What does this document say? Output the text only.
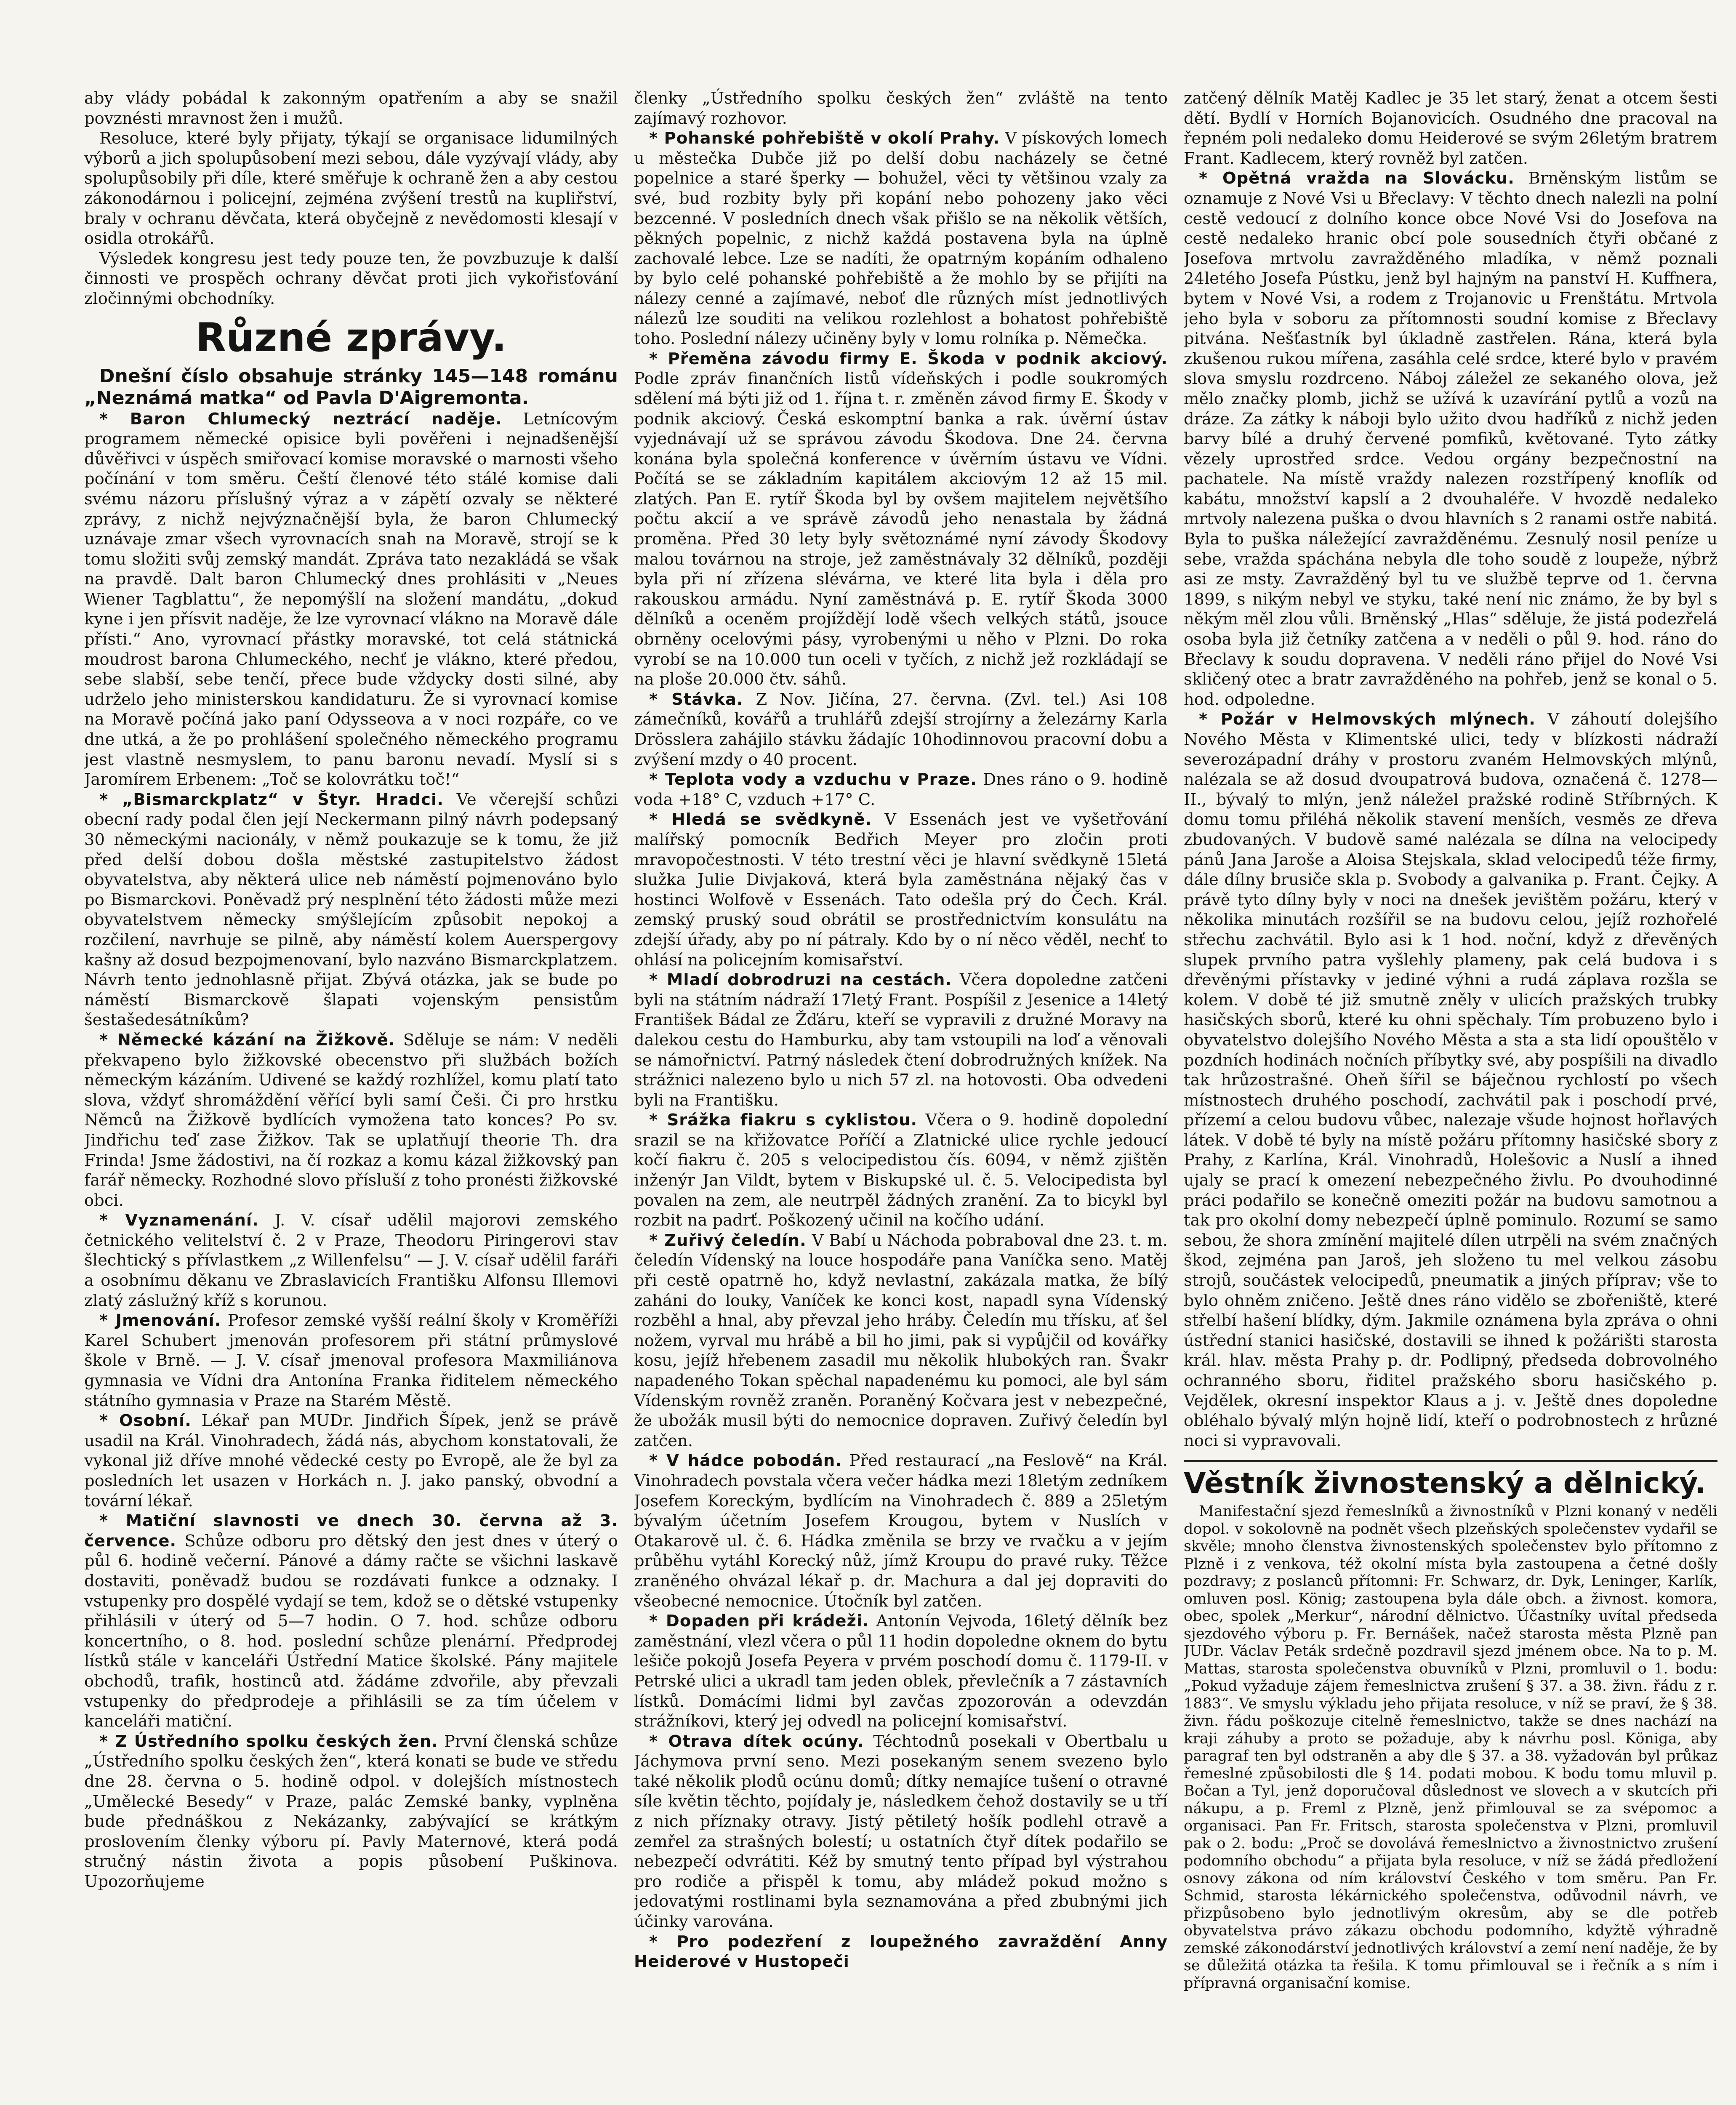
aby vlády pobádal k zakonným opatřením a aby se snažil povznésti mravnost žen i mužů.

Resoluce, které byly přijaty, týkají se organisace lidumilných výborů a jich spolupůsobení mezi sebou, dále vyzývají vlády, aby spolupůsobily při díle, které směřuje k ochraně žen a aby cestou zákonodárnou i policejní, zejména zvýšení trestů na kupliřství, braly v ochranu děvčata, která obyčejně z nevědomosti klesají v osidla otrokářů.

Výsledek kongresu jest tedy pouze ten, že povzbuzuje k další činnosti ve prospěch ochrany děvčat proti jich vykořisťování zločinnými obchodníky.

Různé zprávy.

Dnešní číslo obsahuje stránky 145—148 románu „Neznámá matka“ od Pavla D'Aigremonta.

* Baron Chlumecký neztrácí naděje. Letnícovým programem německé opisice byli pověřeni i nejnadšenější důvěřivci v úspěch smiřovací komise moravské o marnosti všeho počínání v tom směru. Čeští členové této stálé komise dali svému názoru příslušný výraz a v zápětí ozvaly se některé zprávy, z nichž nejvýznačnější byla, že baron Chlumecký uznávaje zmar všech vyrovnacích snah na Moravě, strojí se k tomu složiti svůj zemský mandát. Zpráva tato nezakládá se však na pravdě. Dalt baron Chlumecký dnes prohlásiti v „Neues Wiener Tagblattu“, že nepomýšlí na složení mandátu, „dokud kyne i jen přísvit naděje, že lze vyrovnací vlákno na Moravě dále přísti.“ Ano, vyrovnací přástky moravské, tot celá státnická moudrost barona Chlumeckého, nechť je vlákno, které předou, sebe slabší, sebe tenčí, přece bude vždycky dosti silné, aby udrželo jeho ministerskou kandidaturu. Že si vyrovnací komise na Moravě počíná jako paní Odysseova a v noci rozpáře, co ve dne utká, a že po prohlášení společného německého programu jest vlastně nesmyslem, to panu baronu nevadí. Myslí si s Jaromírem Erbenem: „Toč se kolovrátku toč!“

* „Bismarckplatz“ v Štyr. Hradci. Ve včerejší schůzi obecní rady podal člen její Neckermann pilný návrh podepsaný 30 německými nacionály, v němž poukazuje se k tomu, že již před delší dobou došla městské zastupitelstvo žádost obyvatelstva, aby některá ulice neb náměstí pojmenováno bylo po Bismarckovi. Poněvadž prý nesplnění této žádosti může mezi obyvatelstvem německy smýšlejícím způsobit nepokoj a rozčilení, navrhuje se pilně, aby náměstí kolem Auerspergovy kašny až dosud bezpojmenovaní, bylo nazváno Bismarckplatzem. Návrh tento jednohlasně přijat. Zbývá otázka, jak se bude po náměstí Bismarckově šlapati vojenským pensistům šestašedesátníkům?

* Německé kázání na Žižkově. Sděluje se nám: V neděli překvapeno bylo žižkovské obecenstvo při službách božích německým kázáním. Udivené se každý rozhlížel, komu platí tato slova, vždyť shromáždění věřící byli samí Češi. Či pro hrstku Němců na Žižkově bydlících vymožena tato konces? Po sv. Jindřichu teď zase Žižkov. Tak se uplatňují theorie Th. dra Frinda! Jsme žádostivi, na čí rozkaz a komu kázal žižkovský pan farář německy. Rozhodné slovo přísluší z toho pronésti žižkovské obci.

* Vyznamenání. J. V. císař udělil majorovi zemského četnického velitelství č. 2 v Praze, Theodoru Piringerovi stav šlechtický s přívlastkem „z Willenfelsu“ — J. V. císař udělil faráři a osobnímu děkanu ve Zbraslavicích Františku Alfonsu Illemovi zlatý záslužný kříž s korunou.

* Jmenování. Profesor zemské vyšší reální školy v Kroměříži Karel Schubert jmenován profesorem při státní průmyslové škole v Brně. — J. V. císař jmenoval profesora Maxmiliánova gymnasia ve Vídni dra Antonína Franka řiditelem německého státního gymnasia v Praze na Starém Městě.

* Osobní. Lékař pan MUDr. Jindřich Šípek, jenž se právě usadil na Král. Vinohradech, žádá nás, abychom konstatovali, že vykonal již dříve mnohé vědecké cesty po Evropě, ale že byl za posledních let usazen v Horkách n. J. jako panský, obvodní a tovární lékař.

* Matiční slavnosti ve dnech 30. června až 3. července. Schůze odboru pro dětský den jest dnes v úterý o půl 6. hodině večerní. Pánové a dámy račte se všichni laskavě dostaviti, poněvadž budou se rozdávati funkce a odznaky. I vstupenky pro dospělé vydají se tem, kdož se o dětské vstupenky přihlásili v úterý od 5—7 hodin. O 7. hod. schůze odboru koncertního, o 8. hod. poslední schůze plenární. Předprodej lístků stále v kanceláři Ústřední Matice školské. Pány majitele obchodů, trafik, hostinců atd. žádáme zdvořile, aby převzali vstupenky do předprodeje a přihlásili se za tím účelem v kanceláři matiční.

* Z Ústředního spolku českých žen. První členská schůze „Ústředního spolku českých žen“, která konati se bude ve středu dne 28. června o 5. hodině odpol. v dolejších místnostech „Umělecké Besedy“ v Praze, palác Zemské banky, vyplněna bude přednáškou z Nekázanky, zabývající se krátkým proslovením členky výboru pí. Pavly Maternové, která podá stručný nástin života a popis působení Puškinova. Upozorňujeme

členky „Ústředního spolku českých žen“ zvláště na tento zajímavý rozhovor.

* Pohanské pohřebiště v okolí Prahy. V pískových lomech u městečka Dubče již po delší dobu nacházely se četné popelnice a staré šperky — bohužel, věci ty většinou vzaly za své, bud rozbity byly při kopání nebo pohozeny jako věci bezcenné. V posledních dnech však přišlo se na několik větších, pěkných popelnic, z nichž každá postavena byla na úplně zachovalé lebce. Lze se nadíti, že opatrným kopáním odhaleno by bylo celé pohanské pohřebiště a že mohlo by se přijíti na nálezy cenné a zajímavé, neboť dle různých míst jednotlivých nálezů lze souditi na velikou rozlehlost a bohatost pohřebiště toho. Poslední nálezy učiněny byly v lomu rolníka p. Němečka.

* Přeměna závodu firmy E. Škoda v podnik akciový. Podle zpráv finančních listů vídeňských i podle soukromých sdělení má býti již od 1. října t. r. změněn závod firmy E. Škody v podnik akciový. Česká eskomptní banka a rak. úvěrní ústav vyjednávají už se správou závodu Škodova. Dne 24. června konána byla společná konference v úvěrním ústavu ve Vídni. Počítá se se základním kapitálem akciovým 12 až 15 mil. zlatých. Pan E. rytíř Škoda byl by ovšem majitelem největšího počtu akcií a ve správě závodů jeho nenastala by žádná proměna. Před 30 lety byly světoznámé nyní závody Škodovy malou továrnou na stroje, jež zaměstnávaly 32 dělníků, později byla při ní zřízena slévárna, ve které lita byla i děla pro rakouskou armádu. Nyní zaměstnává p. E. rytíř Škoda 3000 dělníků a oceněm projíždějí lodě všech velkých států, jsouce obrněny ocelovými pásy, vyrobenými u něho v Plzni. Do roka vyrobí se na 10.000 tun oceli v tyčích, z nichž jež rozkládají se na ploše 20.000 čtv. sáhů.

* Stávka. Z Nov. Jičína, 27. června. (Zvl. tel.) Asi 108 zámečníků, kovářů a truhlářů zdejší strojírny a železárny Karla Drösslera zahájilo stávku žádajíc 10hodinnovou pracovní dobu a zvýšení mzdy o 40 procent.

* Teplota vody a vzduchu v Praze. Dnes ráno o 9. hodině voda +18° C, vzduch +17° C.

* Hledá se svědkyně. V Essenách jest ve vyšetřování malířský pomocník Bedřich Meyer pro zločin proti mravopočestnosti. V této trestní věci je hlavní svědkyně 15letá služka Julie Divjaková, která byla zaměstnána nějaký čas v hostinci Wolfově v Essenách. Tato odešla prý do Čech. Král. zemský pruský soud obrátil se prostřednictvím konsulátu na zdejší úřady, aby po ní pátraly. Kdo by o ní něco věděl, nechť to ohlásí na policejním komisařství.

* Mladí dobrodruzi na cestách. Včera dopoledne zatčeni byli na státním nádraží 17letý Frant. Pospíšil z Jesenice a 14letý František Bádal ze Žďáru, kteří se vypravili z družné Moravy na dalekou cestu do Hamburku, aby tam vstoupili na loď a věnovali se námořnictví. Patrný následek čtení dobrodružných knížek. Na strážnici nalezeno bylo u nich 57 zl. na hotovosti. Oba odvedeni byli na Františku.

* Srážka fiakru s cyklistou. Včera o 9. hodině dopolední srazil se na křižovatce Poříčí a Zlatnické ulice rychle jedoucí kočí fiakru č. 205 s velocipedistou čís. 6094, v němž zjištěn inženýr Jan Vildt, bytem v Biskupské ul. č. 5. Velocipedista byl povalen na zem, ale neutrpěl žádných zranění. Za to bicykl byl rozbit na padrť. Poškozený učinil na kočího udání.

* Zuřivý čeledín. V Babí u Náchoda pobraboval dne 23. t. m. čeledín Vídenský na louce hospodáře pana Vaníčka seno. Matěj při cestě opatrně ho, když nevlastní, zakázala matka, že bílý zaháni do louky, Vaníček ke konci kost, napadl syna Vídenský rozběhl a hnal, aby převzal jeho hráby. Čeledín mu třísku, ať šel nožem, vyrval mu hrábě a bil ho jimi, pak si vypůjčil od kovářky kosu, jejíž hřebenem zasadil mu několik hlubokých ran. Švakr napadeného Tokan spěchal napadenému ku pomoci, ale byl sám Vídenským rovněž zraněn. Poraněný Kočvara jest v nebezpečné, že ubožák musil býti do nemocnice dopraven. Zuřivý čeledín byl zatčen.

* V hádce pobodán. Před restaurací „na Feslově“ na Král. Vinohradech povstala včera večer hádka mezi 18letým zedníkem Josefem Koreckým, bydlícím na Vinohradech č. 889 a 25letým bývalým účetním Josefem Krougou, bytem v Nuslích v Otakarově ul. č. 6. Hádka změnila se brzy ve rvačku a v jejím průběhu vytáhl Korecký nůž, jímž Kroupu do pravé ruky. Těžce zraněného ohvázal lékař p. dr. Machura a dal jej dopraviti do všeobecné nemocnice. Útočník byl zatčen.

* Dopaden při krádeži. Antonín Vejvoda, 16letý dělník bez zaměstnání, vlezl včera o půl 11 hodin dopoledne oknem do bytu lešiče pokojů Josefa Peyera v prvém poschodí domu č. 1179-II. v Petrské ulici a ukradl tam jeden oblek, převlečník a 7 zástavních lístků. Domácími lidmi byl zavčas zpozorován a odevzdán strážníkovi, který jej odvedl na policejní komisařství.

* Otrava dítek ocúny. Téchtodnů posekali v Obertbalu u Jáchymova první seno. Mezi posekaným senem svezeno bylo také několik plodů ocúnu domů; dítky nemajíce tušení o otravné síle květin těchto, pojídaly je, následkem čehož dostavily se u tří z nich příznaky otravy. Jistý pětiletý hošík podlehl otravě a zemřel za strašných bolestí; u ostatních čtyř dítek podařilo se nebezpečí odvrátiti. Kéž by smutný tento případ byl výstrahou pro rodiče a přispěl k tomu, aby mládež pokud možno s jedovatými rostlinami byla seznamována a před zbubnými jich účinky varována.

* Pro podezření z loupežného zavraždění Anny Heiderové v Hustopeči

zatčený dělník Matěj Kadlec je 35 let starý, ženat a otcem šesti dětí. Bydlí v Horních Bojanovicích. Osudného dne pracoval na řepném poli nedaleko domu Heiderové se svým 26letým bratrem Frant. Kadlecem, který rovněž byl zatčen.

* Opětná vražda na Slovácku. Brněnským listům se oznamuje z Nové Vsi u Břeclavy: V těchto dnech nalezli na polní cestě vedoucí z dolního konce obce Nové Vsi do Josefova na cestě nedaleko hranic obcí pole sousedních čtyři občané z Josefova mrtvolu zavražděného mladíka, v němž poznali 24letého Josefa Pústku, jenž byl hajným na panství H. Kuffnera, bytem v Nové Vsi, a rodem z Trojanovic u Frenštátu. Mrtvola jeho byla v soboru za přítomnosti soudní komise z Břeclavy pitvána. Nešťastník byl úkladně zastřelen. Rána, která byla zkušenou rukou mířena, zasáhla celé srdce, které bylo v pravém slova smyslu rozdrceno. Náboj záležel ze sekaného olova, jež mělo značky plomb, jichž se užívá k uzavírání pytlů a vozů na dráze. Za zátky k náboji bylo užito dvou hadříků z nichž jeden barvy bílé a druhý červené pomfiků, květované. Tyto zátky vězely uprostřed srdce. Vedou orgány bezpečnostní na pachatele. Na místě vraždy nalezen rozstřípený knoflík od kabátu, množství kapslí a 2 dvouhaléře. V hvozdě nedaleko mrtvoly nalezena puška o dvou hlavních s 2 ranami ostře nabitá. Byla to puška náležející zavražděnému. Zesnulý nosil peníze u sebe, vražda spáchána nebyla dle toho soudě z loupeže, nýbrž asi ze msty. Zavražděný byl tu ve službě teprve od 1. června 1899, s nikým nebyl ve styku, také není nic známo, že by byl s někým měl zlou vůli. Brněnský „Hlas“ sděluje, že jistá podezřelá osoba byla již četníky zatčena a v neděli o půl 9. hod. ráno do Břeclavy k soudu dopravena. V neděli ráno přijel do Nové Vsi skličený otec a bratr zavražděného na pohřeb, jenž se konal o 5. hod. odpoledne.

* Požár v Helmovských mlýnech. V záhoutí dolejšího Nového Města v Klimentské ulici, tedy v blízkosti nádraží severozápadní dráhy v prostoru zvaném Helmovských mlýnů, nalézala se až dosud dvoupatrová budova, označená č. 1278—II., bývalý to mlýn, jenž náležel pražské rodině Stříbrných. K domu tomu přiléhá několik stavení menších, vesměs ze dřeva zbudovaných. V budově samé nalézala se dílna na velocipedy pánů Jana Jaroše a Aloisa Stejskala, sklad velocipedů téže firmy, dále dílny brusiče skla p. Svobody a galvanika p. Frant. Čejky. A právě tyto dílny byly v noci na dnešek jevištěm požáru, který v několika minutách rozšířil se na budovu celou, jejíž rozhořelé střechu zachvátil. Bylo asi k 1 hod. noční, když z dřevěných slupek prvního patra vyšlehly plameny, pak celá budova i s dřevěnými přístavky v jediné výhni a rudá záplava rozšla se kolem. V době té již smutně zněly v ulicích pražských trubky hasičských sborů, které ku ohni spěchaly. Tím probuzeno bylo i obyvatelstvo dolejšího Nového Města a sta a sta lidí opouštělo v pozdních hodinách nočních příbytky své, aby pospíšili na divadlo tak hrůzostrašné. Oheň šířil se báječnou rychlostí po všech místnostech druhého poschodí, zachvátil pak i poschodí prvé, přízemí a celou budovu vůbec, nalezaje všude hojnost hořlavých látek. V době té byly na místě požáru přítomny hasičské sbory z Prahy, z Karlína, Král. Vinohradů, Holešovic a Nuslí a ihned ujaly se prací k omezení nebezpečného živlu. Po dvouhodinné práci podařilo se konečně omeziti požár na budovu samotnou a tak pro okolní domy nebezpečí úplně pominulo. Rozumí se samo sebou, že shora zmínění majitelé dílen utrpěli na svém značných škod, zejména pan Jaroš, jeh složeno tu mel velkou zásobu strojů, součástek velocipedů, pneumatik a jiných příprav; vše to bylo ohněm zničeno. Ještě dnes ráno vidělo se zbořeniště, které střelbí hašení blídky, dým. Jakmile oznámena byla zpráva o ohni ústřední stanici hasičské, dostavili se ihned k požárišti starosta král. hlav. města Prahy p. dr. Podlipný, předseda dobrovolného ochranného sboru, řiditel pražského sboru hasičského p. Vejdělek, okresní inspektor Klaus a j. v. Ještě dnes dopoledne obléhalo bývalý mlýn hojně lidí, kteří o podrobnostech z hrůzné noci si vypravovali.

Věstník živnostenský a dělnický.

Manifestační sjezd řemeslníků a živnostníků v Plzni konaný v neděli dopol. v sokolovně na podnět všech plzeňských společenstev vydařil se skvěle; mnoho členstva živnostenských společenstev bylo přítomno z Plzně i z venkova, též okolní místa byla zastoupena a četné došly pozdravy; z poslanců přítomni: Fr. Schwarz, dr. Dyk, Leninger, Karlík, omluven posl. König; zastoupena byla dále obch. a živnost. komora, obec, spolek „Merkur“, národní dělnictvo. Účastníky uvítal předseda sjezdového výboru p. Fr. Bernášek, načež starosta města Plzně pan JUDr. Václav Peták srdečně pozdravil sjezd jménem obce. Na to p. M. Mattas, starosta společenstva obuvníků v Plzni, promluvil o 1. bodu: „Pokud vyžaduje zájem řemeslnictva zrušení § 37. a 38. živn. řádu z r. 1883“. Ve smyslu výkladu jeho přijata resoluce, v níž se praví, že § 38. živn. řádu poškozuje citelně řemeslnictvo, takže se dnes nachází na kraji záhuby a proto se požaduje, aby k návrhu posl. Königa, aby paragraf ten byl odstraněn a aby dle § 37. a 38. vyžadován byl průkaz řemeslné způsobilosti dle § 14. podati mobou. K bodu tomu mluvil p. Bočan a Tyl, jenž doporučoval důslednost ve slovech a v skutcích při nákupu, a p. Freml z Plzně, jenž přimlouval se za svépomoc a organisaci. Pan Fr. Fritsch, starosta společenstva v Plzni, promluvil pak o 2. bodu: „Proč se dovolává řemeslnictvo a živnostnictvo zrušení podomního obchodu“ a přijata byla resoluce, v níž se žádá předložení osnovy zákona od ním království Českého v tom směru. Pan Fr. Schmid, starosta lékárnického společenstva, odůvodnil návrh, ve přizpůsobeno bylo jednotlivým okresům, aby se dle potřeb obyvatelstva právo zákazu obchodu podomního, kdyžtě výhradně zemské zákonodárství jednotlivých království a zemí není naděje, že by se důležitá otázka ta řešila. K tomu přimlouval se i řečník a s ním i přípravná organisační komise.
